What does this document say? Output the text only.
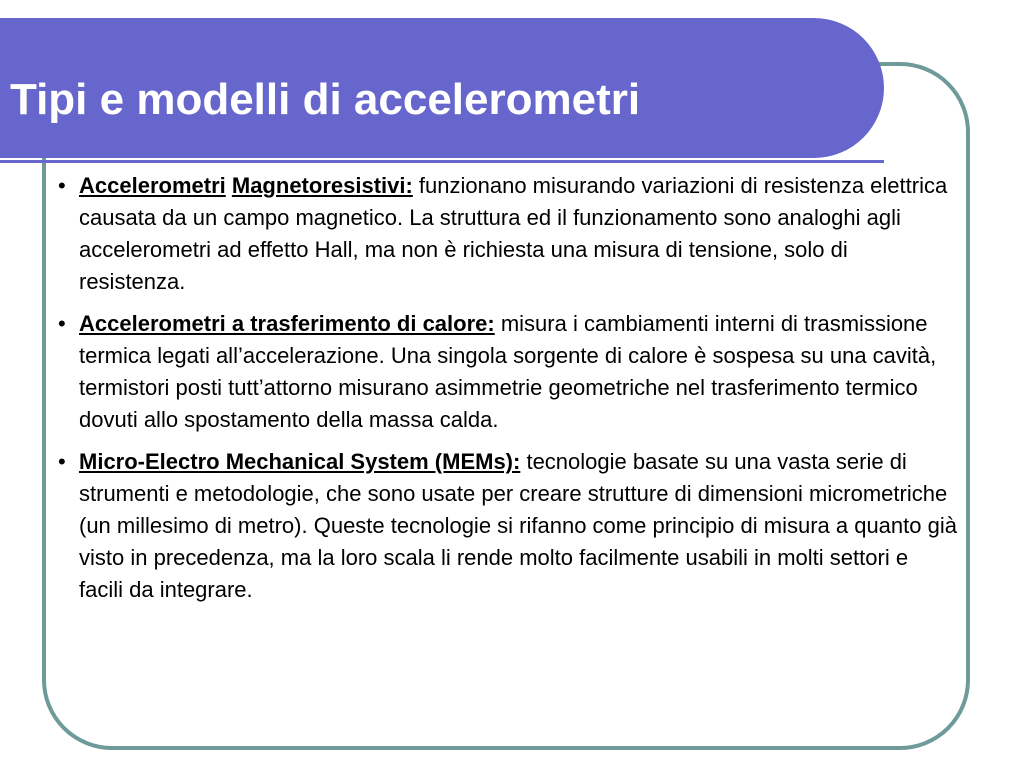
Tipi e modelli di accelerometri
• Accelerometri Magnetoresistivi: funzionano misurando variazioni di resistenza elettrica causata da un campo magnetico. La struttura ed il funzionamento sono analoghi agli accelerometri ad effetto Hall, ma non è richiesta una misura di tensione, solo di resistenza.
• Accelerometri a trasferimento di calore: misura i cambiamenti interni di trasmissione termica legati all’accelerazione. Una singola sorgente di calore è sospesa su una cavità, termistori posti tutt’attorno misurano asimmetrie geometriche nel trasferimento termico dovuti allo spostamento della massa calda.
• Micro-Electro Mechanical System (MEMs): tecnologie basate su una vasta serie di strumenti e metodologie, che sono usate per creare strutture di dimensioni micrometriche (un millesimo di metro). Queste tecnologie si rifanno come principio di misura a quanto già visto in precedenza, ma la loro scala li rende molto facilmente usabili in molti settori e facili da integrare.
